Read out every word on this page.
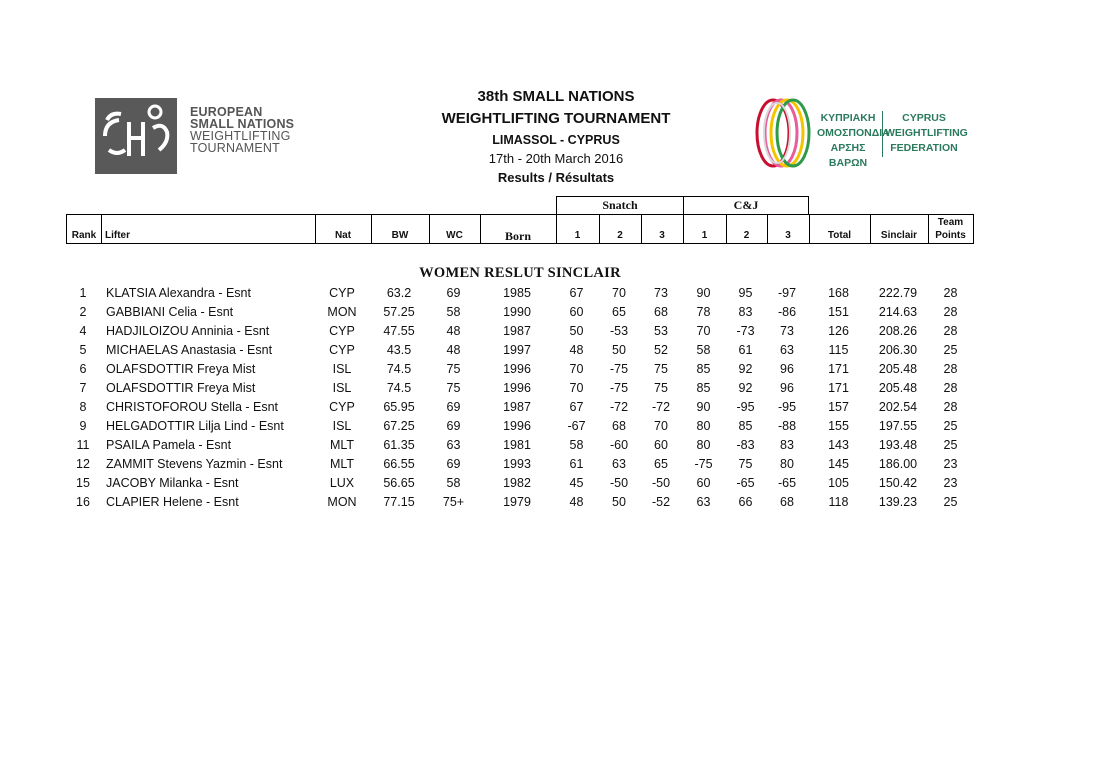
EUROPEAN
SMALL NATIONS
WEIGHTLIFTING
TOURNAMENT
38th SMALL NATIONS
WEIGHTLIFTING TOURNAMENT
LIMASSOL - CYPRUS
17th - 20th March 2016
Results / Résultats
ΚΥΠΡΙΑΚΗ
ΟΜΟΣΠΟΝΔΙΑ
ΑΡΣΗΣ ΒΑΡΩΝ
CYPRUS
WEIGHTLIFTING
FEDERATION
Snatch	C&J
Rank Lifter	Nat	BW	WC	Born	1	2	3	1	2	3	Total	Sinclair
Team
Points
WOMEN RESLUT SINCLAIR
1	KLATSIA Alexandra - Esnt	CYP	63.2	69	1985	67	70	73	90	95	-97	168	222.79	28
2	GABBIANI Celia - Esnt	MON	57.25	58	1990	60	65	68	78	83	-86	151	214.63	28
4	HADJILOIZOU Anninia - Esnt	CYP	47.55	48	1987	50	-53	53	70	-73	73	126	208.26	28
5	MICHAELAS Anastasia - Esnt	CYP	43.5	48	1997	48	50	52	58	61	63	115	206.30	25
6	OLAFSDOTTIR Freya Mist	ISL	74.5	75	1996	70	-75	75	85	92	96	171	205.48	28
7	OLAFSDOTTIR Freya Mist	ISL	74.5	75	1996	70	-75	75	85	92	96	171	205.48	28
8	CHRISTOFOROU Stella - Esnt	CYP	65.95	69	1987	67	-72	-72	90	-95	-95	157	202.54	28
9	HELGADOTTIR Lilja Lind - Esnt	ISL	67.25	69	1996	-67	68	70	80	85	-88	155	197.55	25
11	PSAILA Pamela - Esnt	MLT	61.35	63	1981	58	-60	60	80	-83	83	143	193.48	25
12	ZAMMIT Stevens Yazmin - Esnt	MLT	66.55	69	1993	61	63	65	-75	75	80	145	186.00	23
15	JACOBY Milanka - Esnt	LUX	56.65	58	1982	45	-50	-50	60	-65	-65	105	150.42	23
16	CLAPIER Helene - Esnt	MON	77.15	75+	1979	48	50	-52	63	66	68	118	139.23	25
